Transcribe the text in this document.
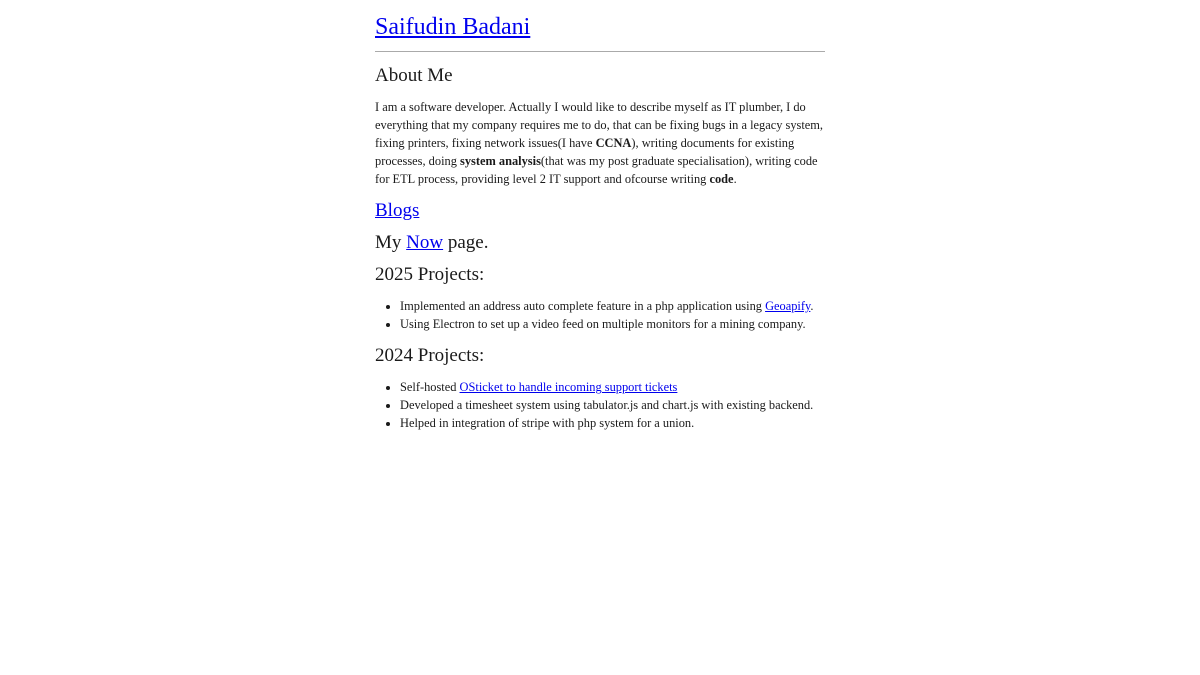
Saifudin Badani
About Me

I am a software developer. Actually I would like to describe myself as IT plumber, I do everything that my company requires me to do, that can be fixing bugs in a legacy system, fixing printers, fixing network issues(I have CCNA), writing documents for existing processes, doing system analysis(that was my post graduate specialisation), writing code for ETL process, providing level 2 IT support and ofcourse writing code.

Blogs

My Now page.

2025 Projects:
• Implemented an address auto complete feature in a php application using Geoapify.
• Using Electron to set up a video feed on multiple monitors for a mining company.
2024 Projects:
• Self-hosted OSticket to handle incoming support tickets
• Developed a timesheet system using tabulator.js and chart.js with existing backend.
• Helped in integration of stripe with php system for a union.
